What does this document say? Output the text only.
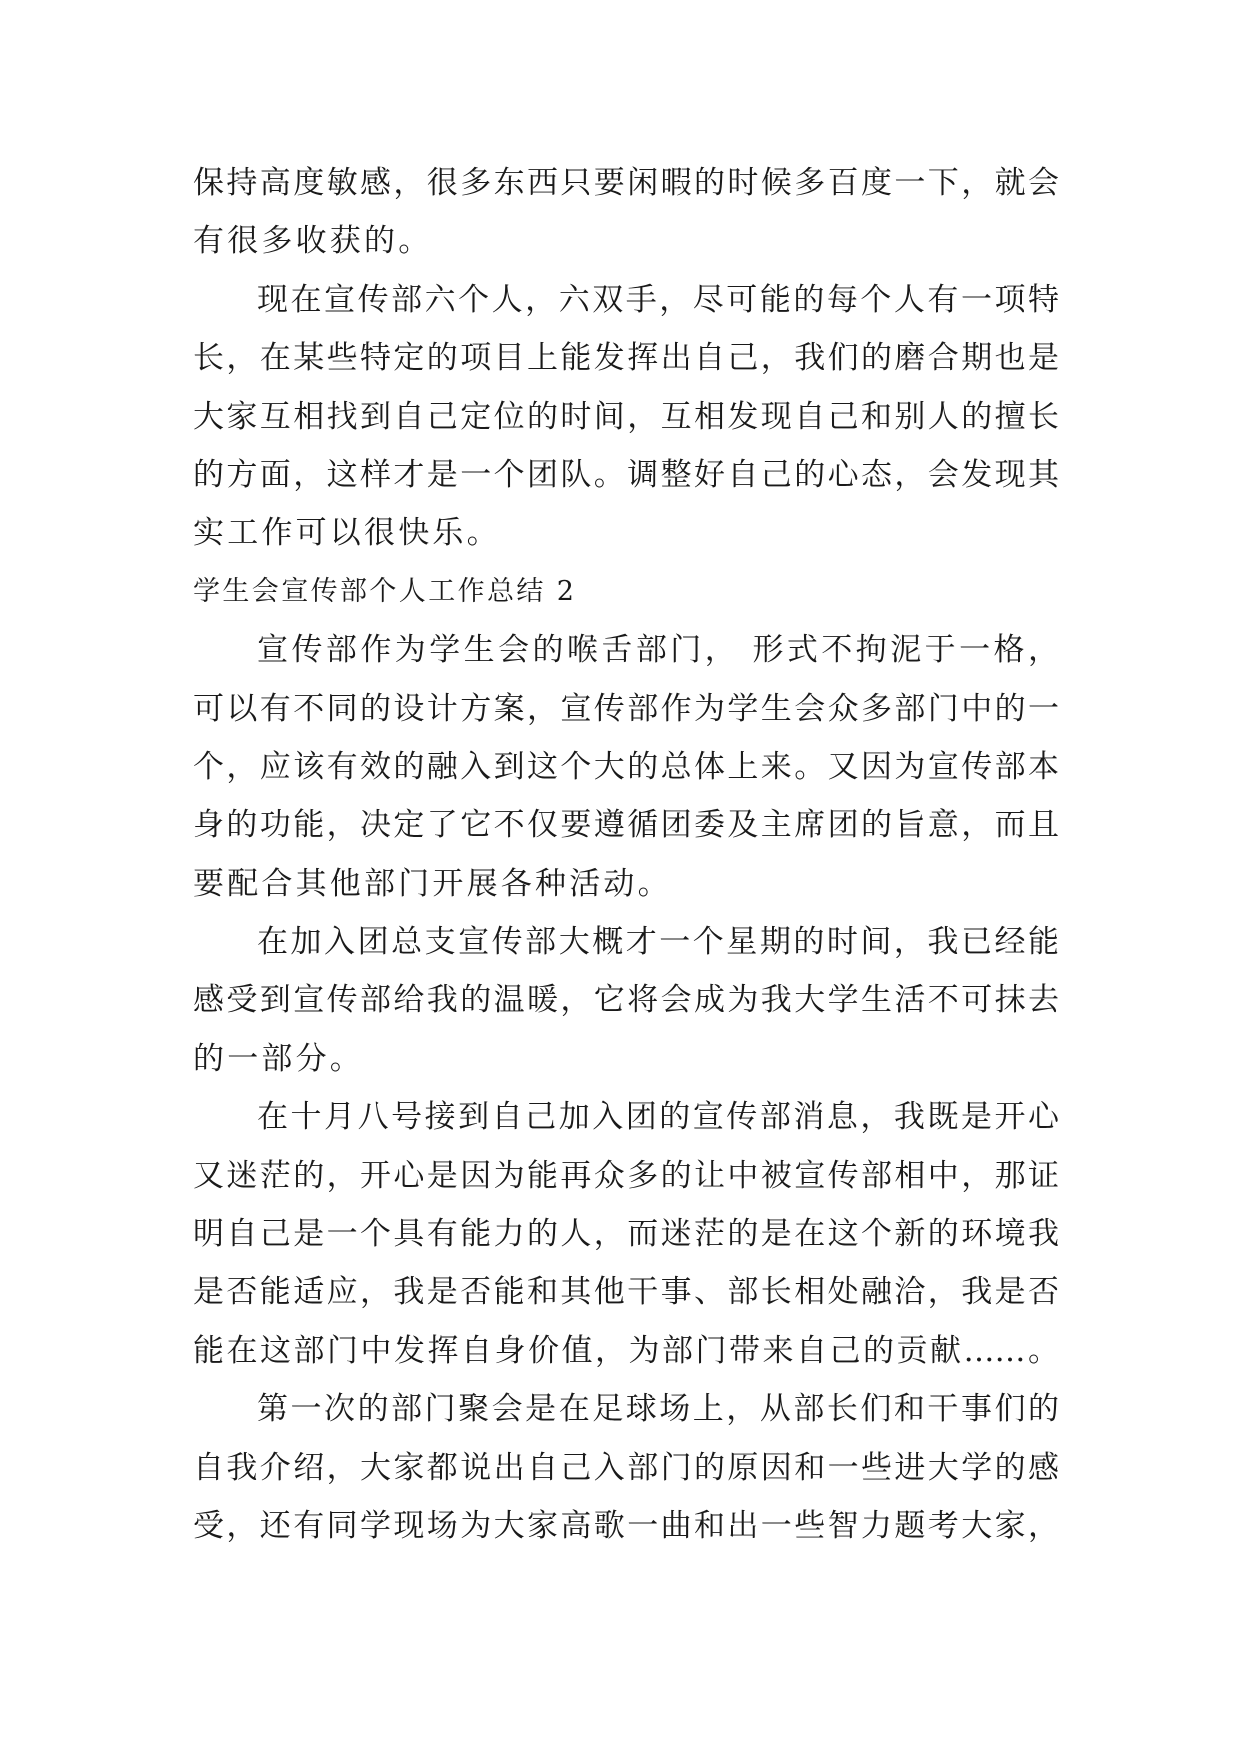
保持高度敏感，很多东西只要闲暇的时候多百度一下，就会
有很多收获的。
现在宣传部六个人，六双手，尽可能的每个人有一项特
长，在某些特定的项目上能发挥出自己，我们的磨合期也是
大家互相找到自己定位的时间，互相发现自己和别人的擅长
的方面，这样才是一个团队。调整好自己的心态，会发现其
实工作可以很快乐。
学生会宣传部个人工作总结 2
宣传部作为学生会的喉舌部门， 形式不拘泥于一格，
可以有不同的设计方案，宣传部作为学生会众多部门中的一
个，应该有效的融入到这个大的总体上来。又因为宣传部本
身的功能，决定了它不仅要遵循团委及主席团的旨意，而且
要配合其他部门开展各种活动。
在加入团总支宣传部大概才一个星期的时间，我已经能
感受到宣传部给我的温暖，它将会成为我大学生活不可抹去
的一部分。
在十月八号接到自己加入团的宣传部消息，我既是开心
又迷茫的，开心是因为能再众多的让中被宣传部相中，那证
明自己是一个具有能力的人，而迷茫的是在这个新的环境我
是否能适应，我是否能和其他干事、部长相处融洽，我是否
能在这部门中发挥自身价值，为部门带来自己的贡献……。
第一次的部门聚会是在足球场上，从部长们和干事们的
自我介绍，大家都说出自己入部门的原因和一些进大学的感
受，还有同学现场为大家高歌一曲和出一些智力题考大家，
